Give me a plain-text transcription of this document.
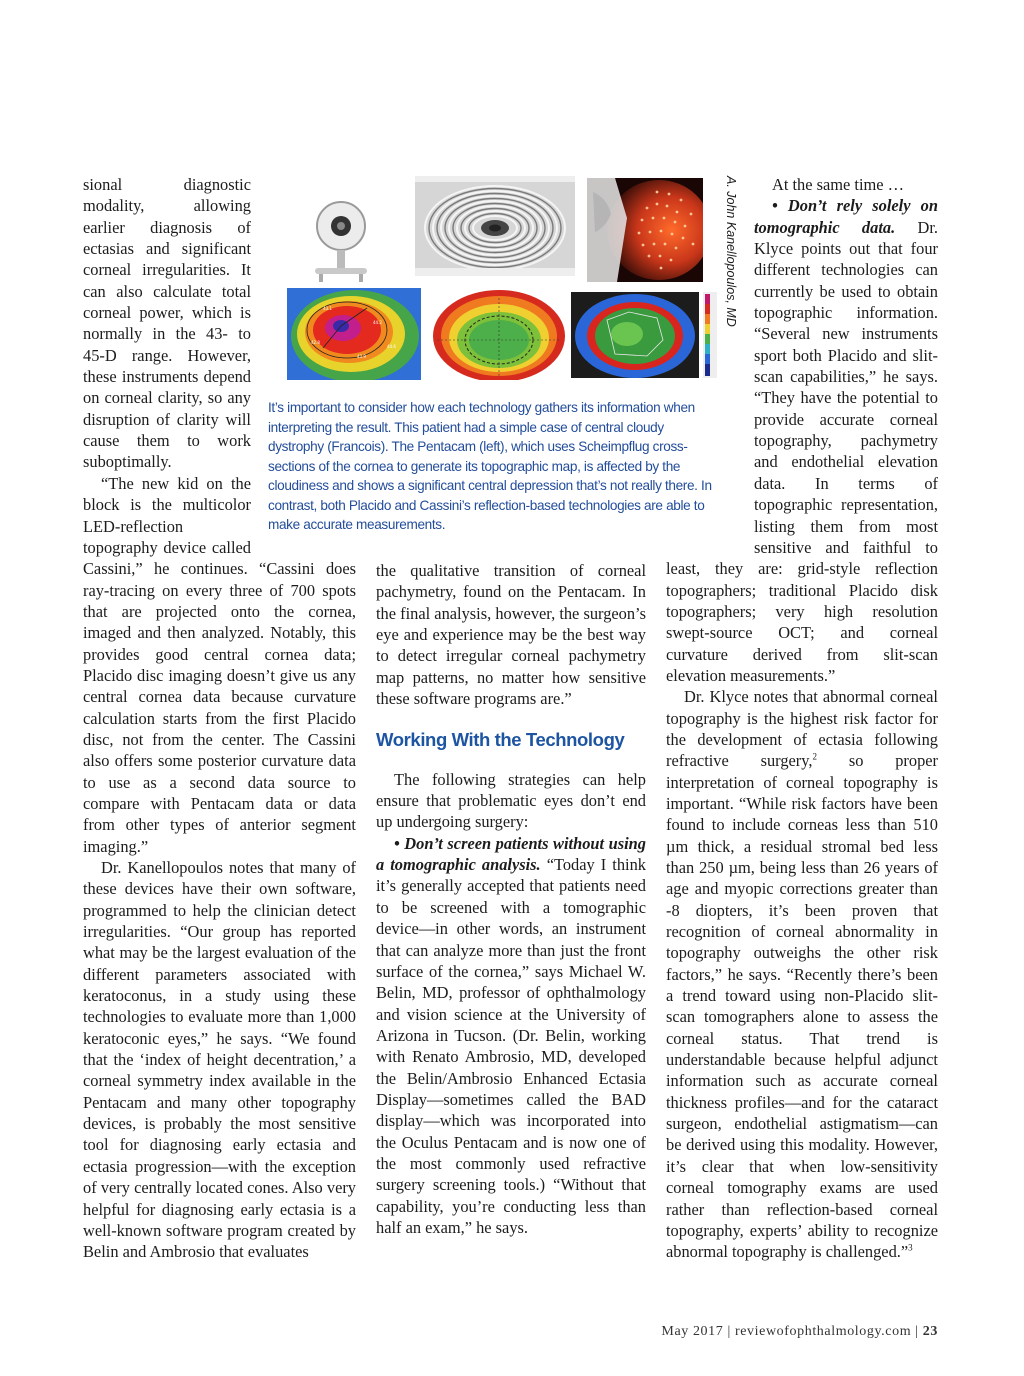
43.1
44.2
42.8
43.9
44.6
A. John Kanellopoulos, MD
It’s important to consider how each technology gathers its information when interpreting the result. This patient had a simple case of central cloudy dystrophy (Francois). The Pentacam (left), which uses Scheimpflug cross-sections of the cornea to generate its topographic map, is affected by the cloudiness and shows a significant central depression that’s not really there. In contrast, both Placido and Cassini’s reflection-based technologies are able to make accurate measurements.

sional diagnostic modality, allowing earlier diagnosis of ectasias and significant corneal irregularities. It can also calculate total corneal power, which is normally in the 43- to 45-D range. However, these instruments depend on corneal clarity, so any disruption of clarity will cause them to work suboptimally.

“The new kid on the block is the multicolor LED-reflection topography device called Cassini,” he continues. “Cassini does ray-tracing on every three of 700 spots that are projected onto the cornea, imaged and then analyzed. Notably, this provides good central cornea data; Placido disc imaging doesn’t give us any central cornea data because curvature calculation starts from the first Placido disc, not from the center. The Cassini also offers some posterior curvature data to use as a second data source to compare with Pentacam data or data from other types of anterior segment imaging.”

Dr. Kanellopoulos notes that many of these devices have their own software, programmed to help the clinician detect irregularities. “Our group has reported what may be the largest evaluation of the different parameters associated with keratoconus, in a study using these technologies to evaluate more than 1,000 keratoconic eyes,” he says. “We found that the ‘index of height decentration,’ a corneal symmetry index available in the Pentacam and many other topography devices, is probably the most sensitive tool for diagnosing early ectasia and ectasia progression—with the exception of very centrally located cones. Also very helpful for diagnosing early ectasia is a well-known software program created by Belin and Ambrosio that evaluates

the qualitative transition of corneal pachymetry, found on the Pentacam. In the final analysis, however, the surgeon’s eye and experience may be the best way to detect irregular corneal pachymetry map patterns, no matter how sensitive these software programs are.”

Working With the Technology

The following strategies can help ensure that problematic eyes don’t end up undergoing surgery:

• Don’t screen patients without using a tomographic analysis. “Today I think it’s generally accepted that patients need to be screened with a tomographic device—in other words, an instrument that can analyze more than just the front surface of the cornea,” says Michael W. Belin, MD, professor of ophthalmology and vision science at the University of Arizona in Tucson. (Dr. Belin, working with Renato Ambrosio, MD, developed the Belin/Ambrosio Enhanced Ectasia Display—sometimes called the BAD display—which was incorporated into the Oculus Pentacam and is now one of the most commonly used refractive surgery screening tools.) “Without that capability, you’re conducting less than half an exam,” he says.

At the same time …

• Don’t rely solely on tomographic data. Dr. Klyce points out that four different technologies can currently be used to obtain topographic information. “Several new instruments sport both Placido and slit-scan capabilities,” he says. “They have the potential to provide accurate corneal topography, pachymetry and endothelial elevation data. In terms of topographic representation, listing them from most sensitive and faithful to least, they are: grid-style reflection topographers; traditional Placido disk topographers; very high resolution swept-source OCT; and corneal curvature derived from slit-scan elevation measurements.”

Dr. Klyce notes that abnormal corneal topography is the highest risk factor for the development of ectasia following refractive surgery,$^2$ so proper interpretation of corneal topography is important. “While risk factors have been found to include corneas less than 510 µm thick, a residual stromal bed less than 250 µm, being less than 26 years of age and myopic corrections greater than -8 diopters, it’s been proven that recognition of corneal abnormality in topography outweighs the other risk factors,” he says. “Recently there’s been a trend toward using non-Placido slit-scan tomographers alone to assess the corneal status. That trend is understandable because helpful adjunct information such as accurate corneal thickness profiles—and for the cataract surgeon, endothelial astigmatism—can be derived using this modality. However, it’s clear that when low-sensitivity corneal tomography exams are used rather than reflection-based corneal topography, experts’ ability to recognize abnormal topography is challenged.”$^3$

May 2017 | reviewofophthalmology.com | 23
